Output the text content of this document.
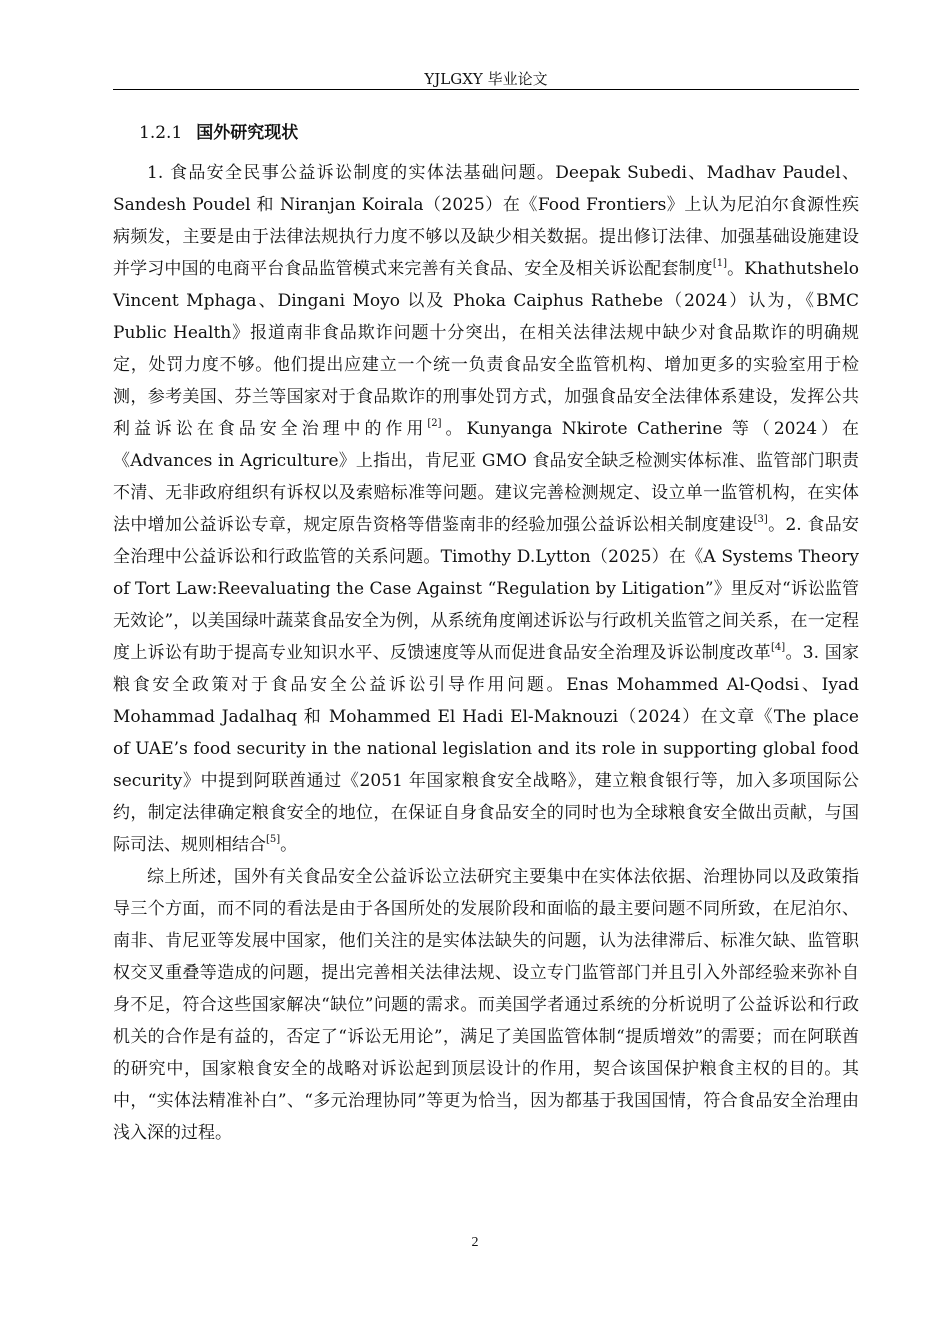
YJLGXY 毕业论文
1.2.1 国外研究现状

1. 食品安全民事公益诉讼制度的实体法基础问题。Deepak Subedi、Madhav Paudel、Sandesh Poudel 和 Niranjan Koirala（2025）在《Food Frontiers》上认为尼泊尔食源性疾病频发，主要是由于法律法规执行力度不够以及缺少相关数据。提出修订法律、加强基础设施建设并学习中国的电商平台食品监管模式来完善有关食品、安全及相关诉讼配套制度[1]。Khathutshelo Vincent Mphaga、Dingani Moyo 以及 Phoka Caiphus Rathebe（2024）认为，《BMC Public Health》报道南非食品欺诈问题十分突出，在相关法律法规中缺少对食品欺诈的明确规定，处罚力度不够。他们提出应建立一个统一负责食品安全监管机构、增加更多的实验室用于检测，参考美国、芬兰等国家对于食品欺诈的刑事处罚方式，加强食品安全法律体系建设，发挥公共利益诉讼在食品安全治理中的作用[2]。Kunyanga Nkirote Catherine 等（2024）在《Advances in Agriculture》上指出，肯尼亚 GMO 食品安全缺乏检测实体标准、监管部门职责不清、无非政府组织有诉权以及索赔标准等问题。建议完善检测规定、设立单一监管机构，在实体法中增加公益诉讼专章，规定原告资格等借鉴南非的经验加强公益诉讼相关制度建设[3]。2. 食品安全治理中公益诉讼和行政监管的关系问题。Timothy D.Lytton（2025）在《A Systems Theory of Tort Law:Reevaluating the Case Against “Regulation by Litigation”》里反对“诉讼监管无效论”，以美国绿叶蔬菜食品安全为例，从系统角度阐述诉讼与行政机关监管之间关系，在一定程度上诉讼有助于提高专业知识水平、反馈速度等从而促进食品安全治理及诉讼制度改革[4]。3. 国家粮食安全政策对于食品安全公益诉讼引导作用问题。Enas Mohammed Al-Qodsi、Iyad Mohammad Jadalhaq 和 Mohammed El Hadi El-Maknouzi（2024）在文章《The place of UAE’s food security in the national legislation and its role in supporting global food security》中提到阿联酋通过《2051 年国家粮食安全战略》，建立粮食银行等，加入多项国际公约，制定法律确定粮食安全的地位，在保证自身食品安全的同时也为全球粮食安全做出贡献，与国际司法、规则相结合[5]。

综上所述，国外有关食品安全公益诉讼立法研究主要集中在实体法依据、治理协同以及政策指导三个方面，而不同的看法是由于各国所处的发展阶段和面临的最主要问题不同所致，在尼泊尔、南非、肯尼亚等发展中国家，他们关注的是实体法缺失的问题，认为法律滞后、标准欠缺、监管职权交叉重叠等造成的问题，提出完善相关法律法规、设立专门监管部门并且引入外部经验来弥补自身不足，符合这些国家解决“缺位”问题的需求。而美国学者通过系统的分析说明了公益诉讼和行政机关的合作是有益的，否定了“诉讼无用论”，满足了美国监管体制“提质增效”的需要；而在阿联酋的研究中，国家粮食安全的战略对诉讼起到顶层设计的作用，契合该国保护粮食主权的目的。其中，“实体法精准补白”、“多元治理协同”等更为恰当，因为都基于我国国情，符合食品安全治理由浅入深的过程。

2
